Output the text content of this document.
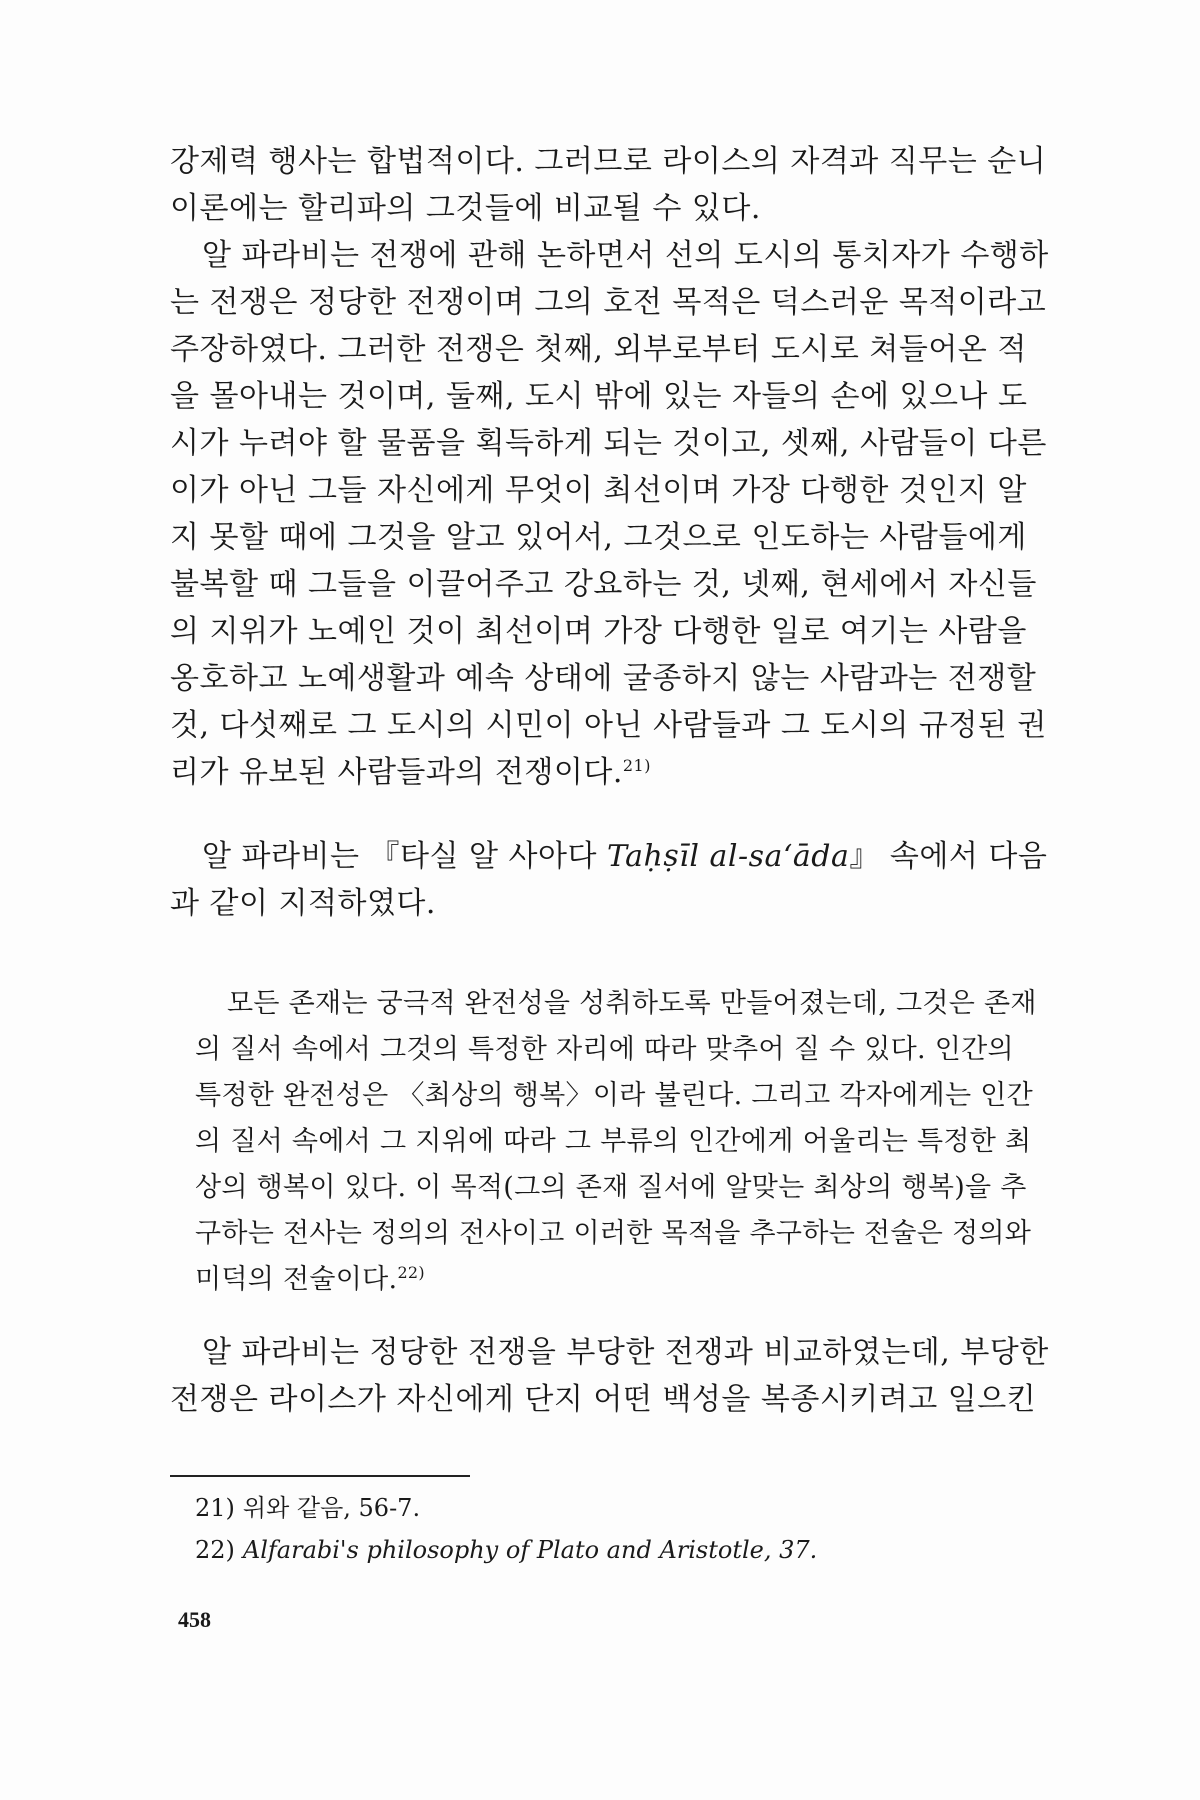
강제력 행사는 합법적이다. 그러므로 라이스의 자격과 직무는 순니 이론에는 할리파의 그것들에 비교될 수 있다.

알 파라비는 전쟁에 관해 논하면서 선의 도시의 통치자가 수행하는 전쟁은 정당한 전쟁이며 그의 호전 목적은 덕스러운 목적이라고 주장하였다. 그러한 전쟁은 첫째, 외부로부터 도시로 쳐들어온 적을 몰아내는 것이며, 둘째, 도시 밖에 있는 자들의 손에 있으나 도시가 누려야 할 물품을 획득하게 되는 것이고, 셋째, 사람들이 다른 이가 아닌 그들 자신에게 무엇이 최선이며 가장 다행한 것인지 알지 못할 때에 그것을 알고 있어서, 그것으로 인도하는 사람들에게 불복할 때 그들을 이끌어주고 강요하는 것, 넷째, 현세에서 자신들의 지위가 노예인 것이 최선이며 가장 다행한 일로 여기는 사람을 옹호하고 노예생활과 예속 상태에 굴종하지 않는 사람과는 전쟁할 것, 다섯째로 그 도시의 시민이 아닌 사람들과 그 도시의 규정된 권리가 유보된 사람들과의 전쟁이다.$^{21)}$

알 파라비는 『타실 알 사아다 Taḥṣīl al-sa‘āda』 속에서 다음과 같이 지적하였다.

모든 존재는 궁극적 완전성을 성취하도록 만들어졌는데, 그것은 존재의 질서 속에서 그것의 특정한 자리에 따라 맞추어 질 수 있다. 인간의 특정한 완전성은 〈최상의 행복〉이라 불린다. 그리고 각자에게는 인간의 질서 속에서 그 지위에 따라 그 부류의 인간에게 어울리는 특정한 최상의 행복이 있다. 이 목적(그의 존재 질서에 알맞는 최상의 행복)을 추구하는 전사는 정의의 전사이고 이러한 목적을 추구하는 전술은 정의와 미덕의 전술이다.$^{22)}$

알 파라비는 정당한 전쟁을 부당한 전쟁과 비교하였는데, 부당한 전쟁은 라이스가 자신에게 단지 어떤 백성을 복종시키려고 일으킨

21) 위와 같음, 56-7.
22) Alfarabi's philosophy of Plato and Aristotle, 37.
458
